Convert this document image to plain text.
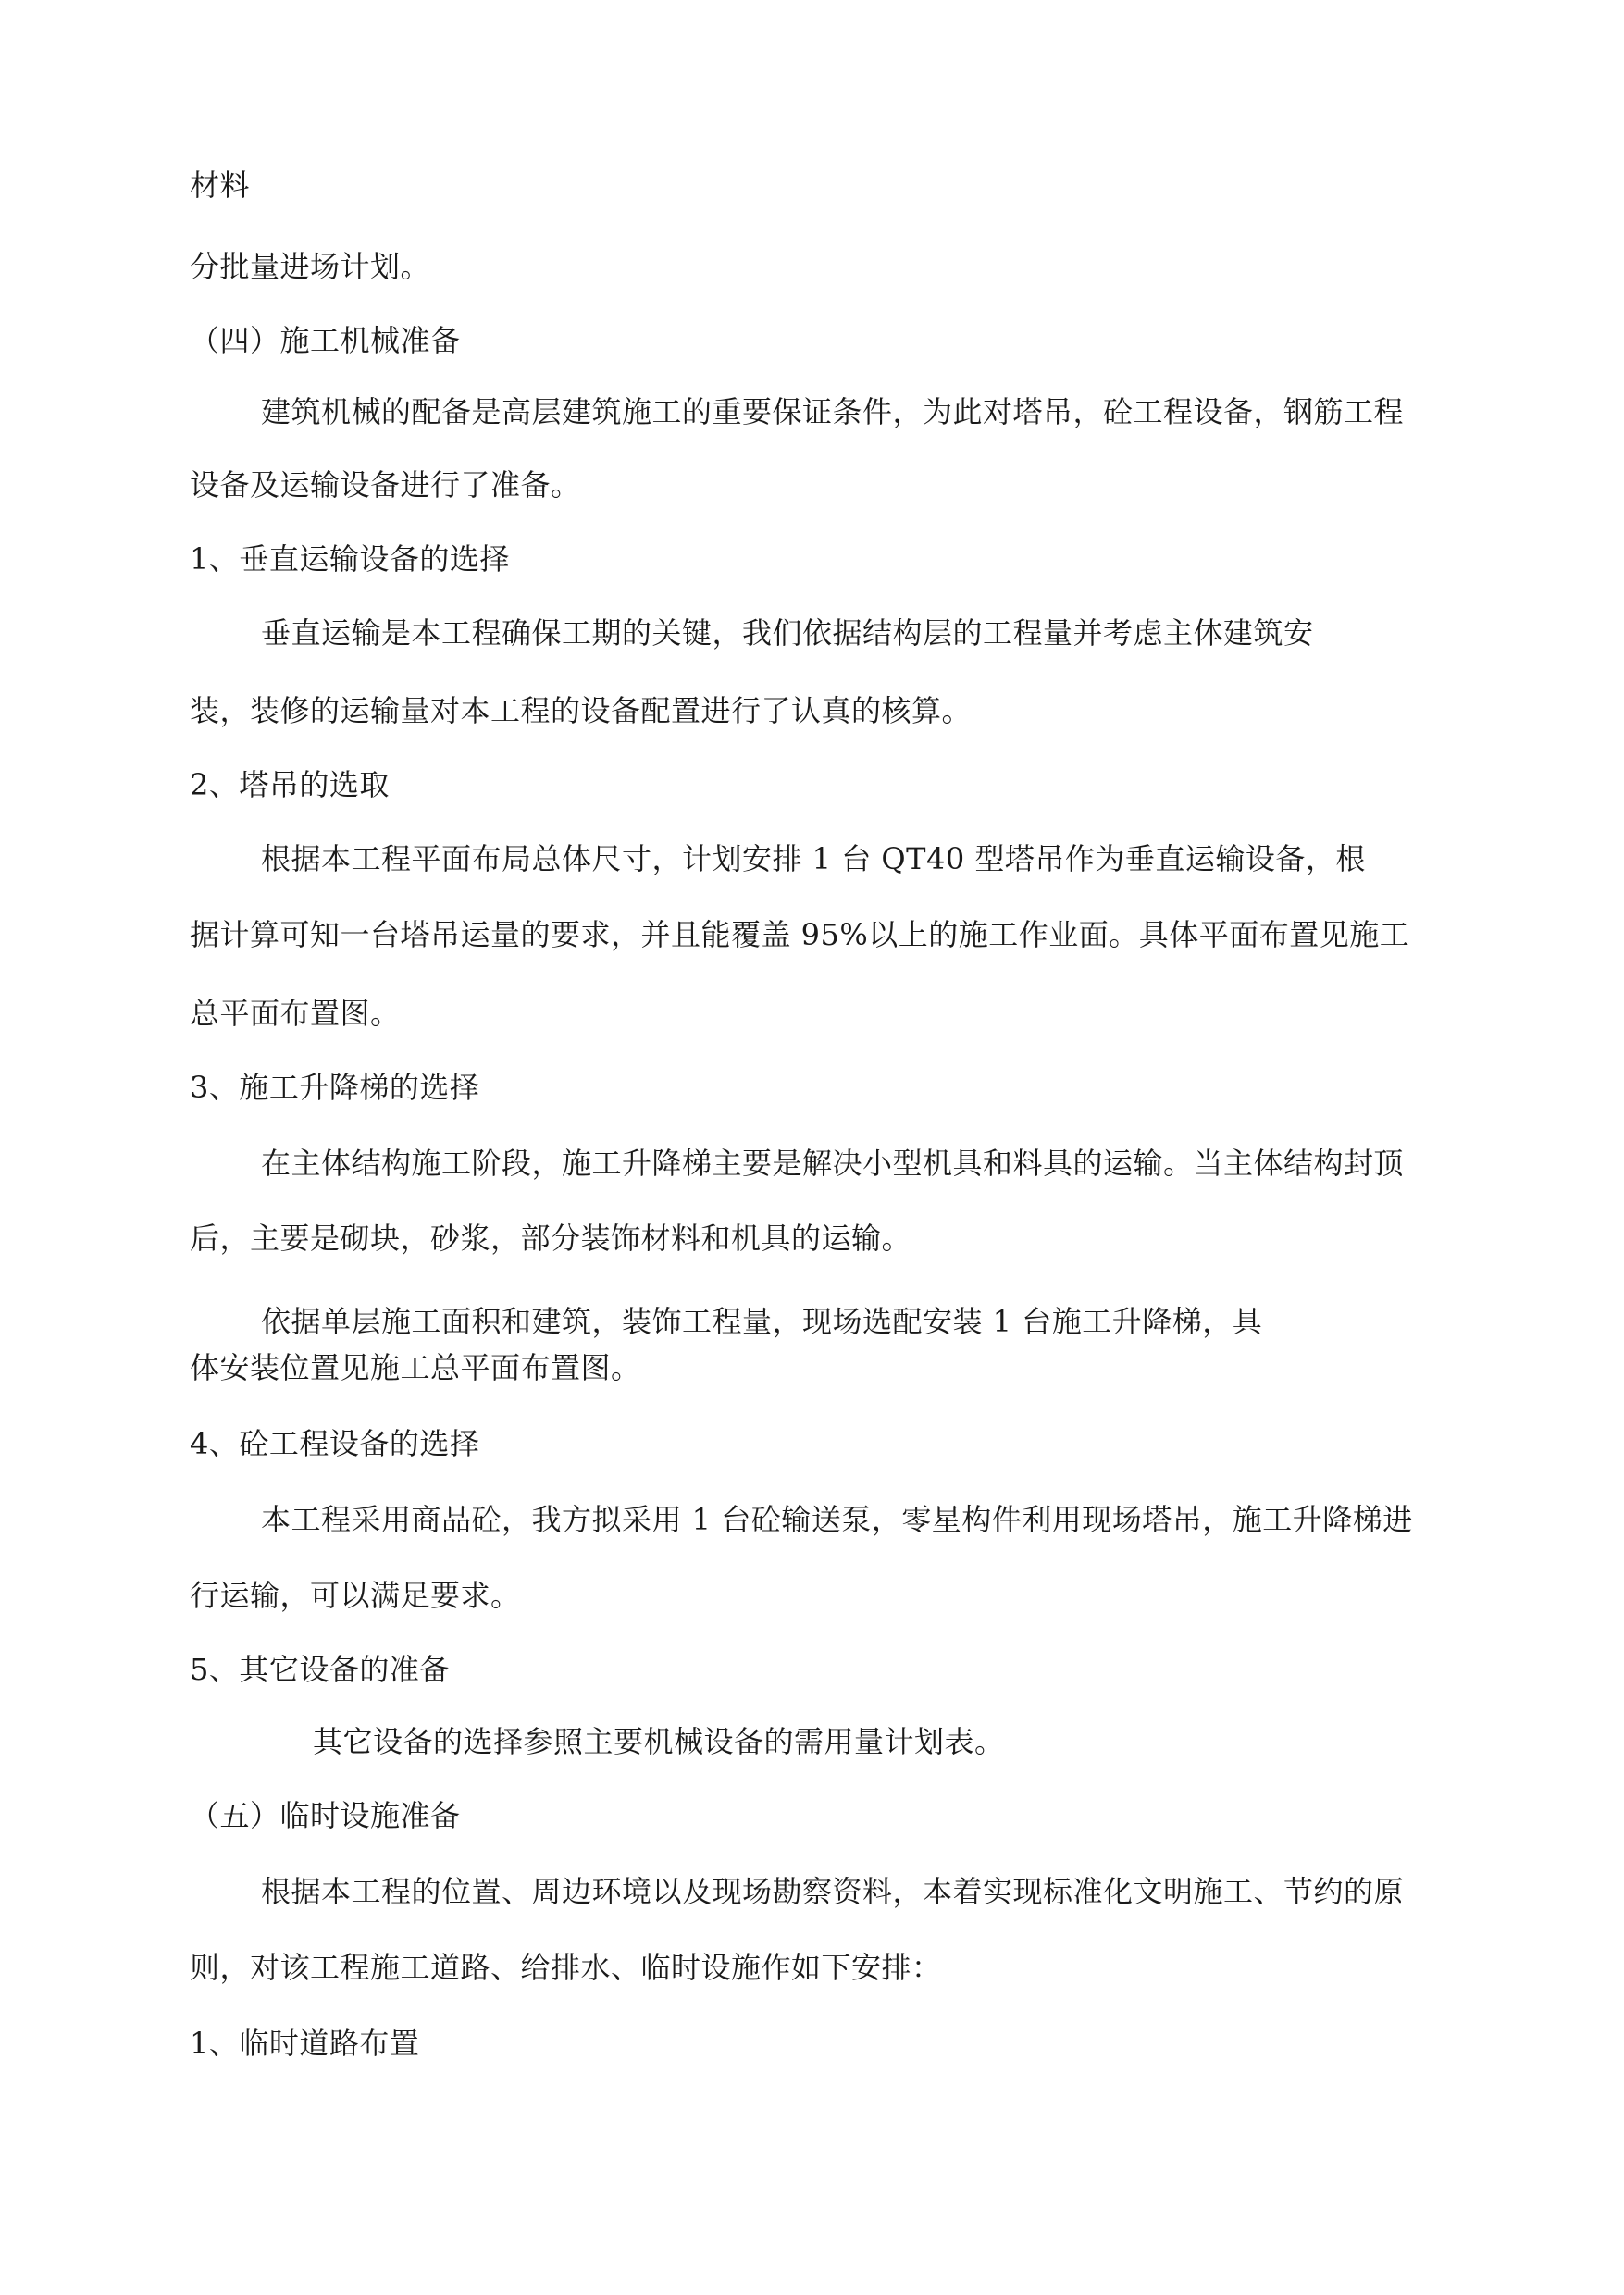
材料

分批量进场计划。

（四）施工机械准备

建筑机械的配备是高层建筑施工的重要保证条件，为此对塔吊，砼工程设备，钢筋工程

设备及运输设备进行了准备。

1、垂直运输设备的选择

垂直运输是本工程确保工期的关键，我们依据结构层的工程量并考虑主体建筑安

装，装修的运输量对本工程的设备配置进行了认真的核算。

2、塔吊的选取

根据本工程平面布局总体尺寸，计划安排 1 台 QT40 型塔吊作为垂直运输设备，根

据计算可知一台塔吊运量的要求，并且能覆盖 95%以上的施工作业面。具体平面布置见施工

总平面布置图。

3、施工升降梯的选择

在主体结构施工阶段，施工升降梯主要是解决小型机具和料具的运输。当主体结构封顶

后，主要是砌块，砂浆，部分装饰材料和机具的运输。

依据单层施工面积和建筑，装饰工程量，现场选配安装 1 台施工升降梯，具

体安装位置见施工总平面布置图。

4、砼工程设备的选择

本工程采用商品砼，我方拟采用 1 台砼输送泵，零星构件利用现场塔吊，施工升降梯进

行运输，可以满足要求。

5、其它设备的准备

其它设备的选择参照主要机械设备的需用量计划表。

（五）临时设施准备

根据本工程的位置、周边环境以及现场勘察资料，本着实现标准化文明施工、节约的原

则，对该工程施工道路、给排水、临时设施作如下安排：

1、临时道路布置
